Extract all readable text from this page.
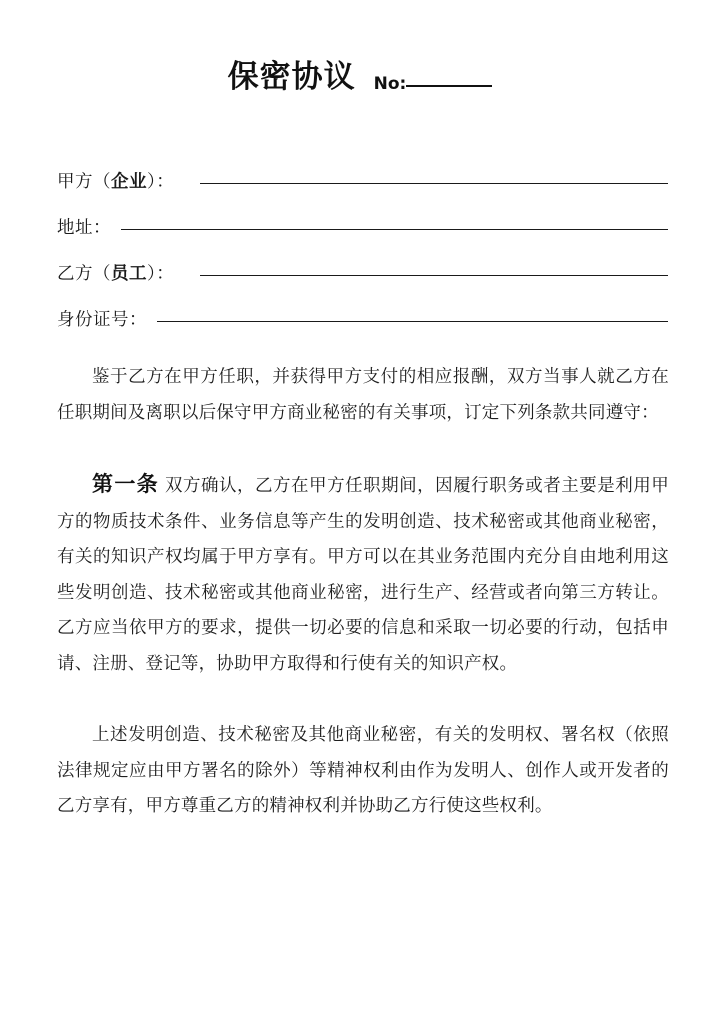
保密协议 No:
甲方（企业）：
地址：
乙方（员工）：
身份证号：

鉴于乙方在甲方任职，并获得甲方支付的相应报酬，双方当事人就乙方在任职期间及离职以后保守甲方商业秘密的有关事项，订定下列条款共同遵守：

第一条 双方确认，乙方在甲方任职期间，因履行职务或者主要是利用甲方的物质技术条件、业务信息等产生的发明创造、技术秘密或其他商业秘密，有关的知识产权均属于甲方享有。甲方可以在其业务范围内充分自由地利用这些发明创造、技术秘密或其他商业秘密，进行生产、经营或者向第三方转让。乙方应当依甲方的要求，提供一切必要的信息和采取一切必要的行动，包括申请、注册、登记等，协助甲方取得和行使有关的知识产权。

上述发明创造、技术秘密及其他商业秘密，有关的发明权、署名权（依照法律规定应由甲方署名的除外）等精神权利由作为发明人、创作人或开发者的乙方享有，甲方尊重乙方的精神权利并协助乙方行使这些权利。
